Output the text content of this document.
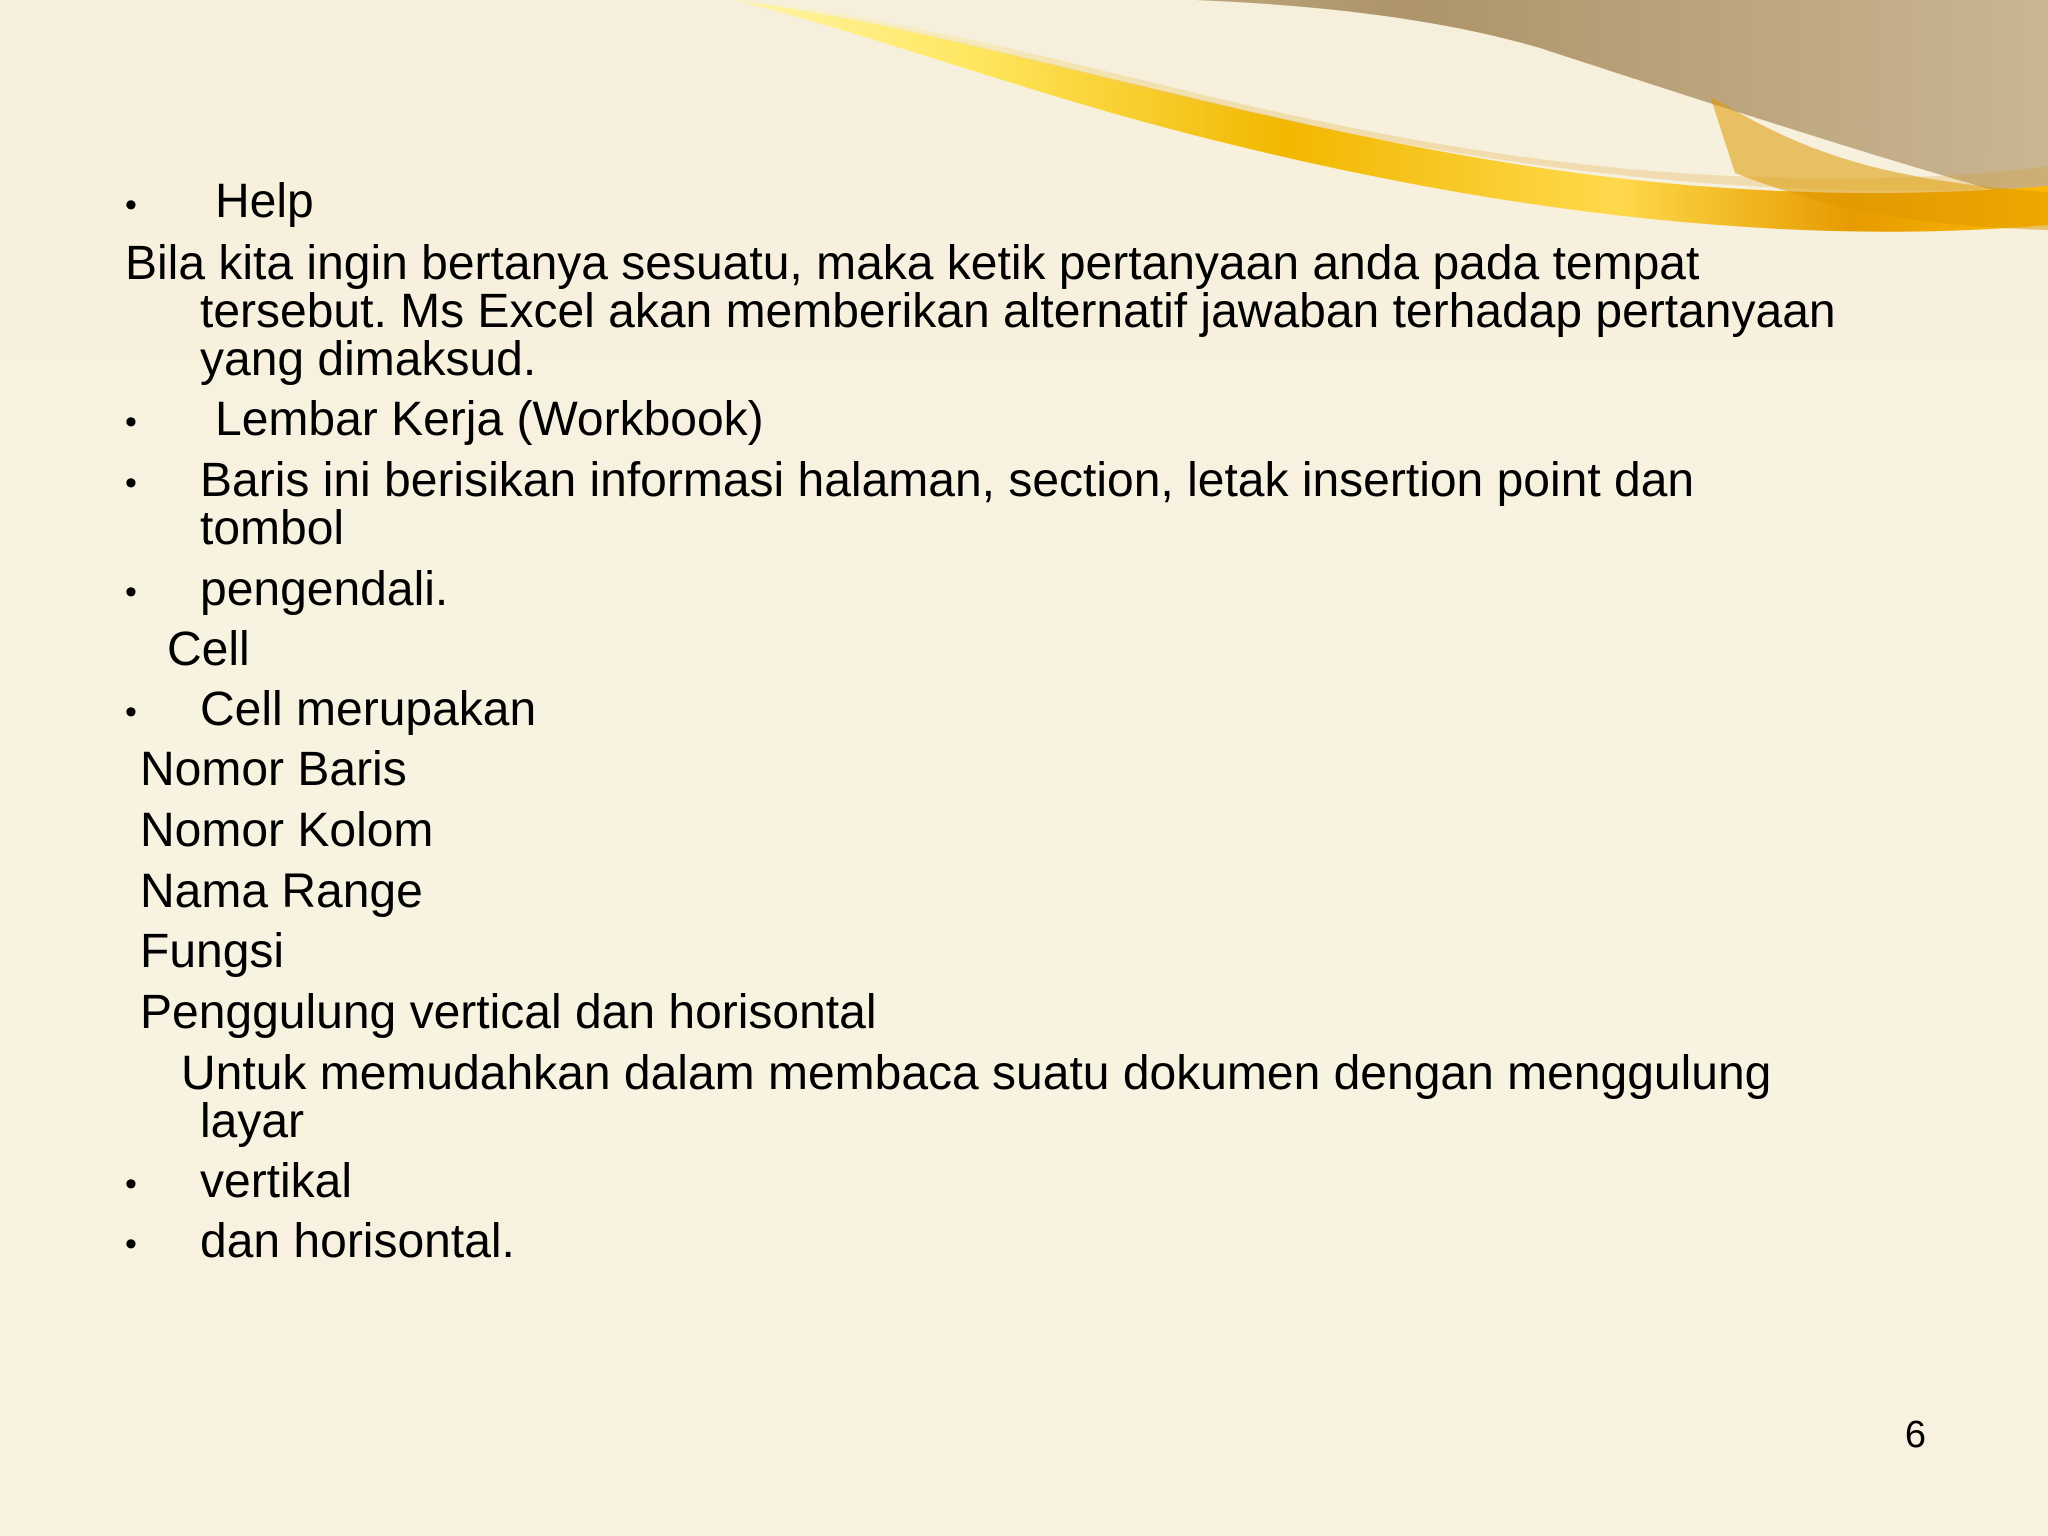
• Help
Bila kita ingin bertanya sesuatu, maka ketik pertanyaan anda pada tempat
tersebut. Ms Excel akan memberikan alternatif jawaban terhadap pertanyaan
yang dimaksud.
• Lembar Kerja (Workbook)
• Baris ini berisikan informasi halaman, section, letak insertion point dan
tombol
• pengendali.
Cell
• Cell merupakan
Nomor Baris
Nomor Kolom
Nama Range
Fungsi
Penggulung vertical dan horisontal
Untuk memudahkan dalam membaca suatu dokumen dengan menggulung
layar
• vertikal
• dan horisontal.
6
